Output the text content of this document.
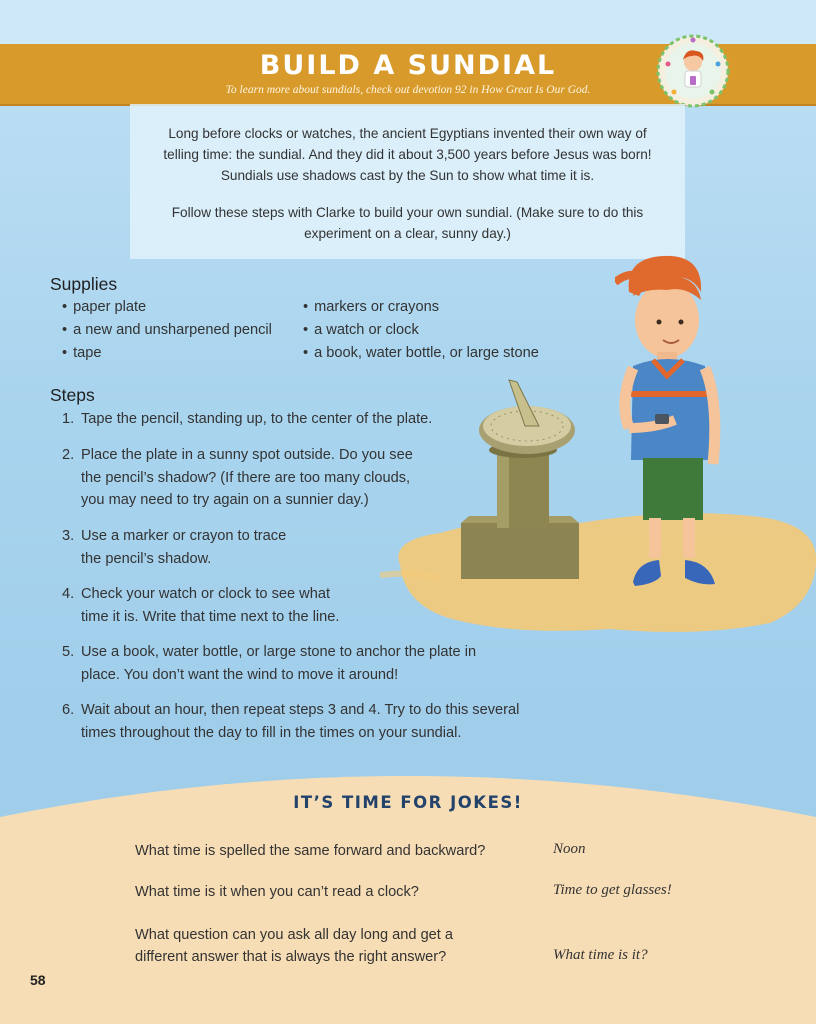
BUILD A SUNDIAL
To learn more about sundials, check out devotion 92 in How Great Is Our God.

Long before clocks or watches, the ancient Egyptians invented their own way of telling time: the sundial. And they did it about 3,500 years before Jesus was born! Sundials use shadows cast by the Sun to show what time it is.

Follow these steps with Clarke to build your own sundial. (Make sure to do this experiment on a clear, sunny day.)

Supplies
• paper plate
• a new and unsharpened pencil
• tape
• markers or crayons
• a watch or clock
• a book, water bottle, or large stone
Steps
1. Tape the pencil, standing up, to the center of the plate.
2. Place the plate in a sunny spot outside. Do you see the pencil’s shadow? (If there are too many clouds, you may need to try again on a sunnier day.)
3. Use a marker or crayon to trace the pencil’s shadow.
4. Check your watch or clock to see what time it is. Write that time next to the line.
5. Use a book, water bottle, or large stone to anchor the plate in place. You don’t want the wind to move it around!
6. Wait about an hour, then repeat steps 3 and 4. Try to do this several times throughout the day to fill in the times on your sundial.
IT’S TIME FOR JOKES!
What time is spelled the same forward and backward?	Noon
What time is it when you can’t read a clock?	Time to get glasses!
What question can you ask all day long and get a different answer that is always the right answer?	What time is it?
58
